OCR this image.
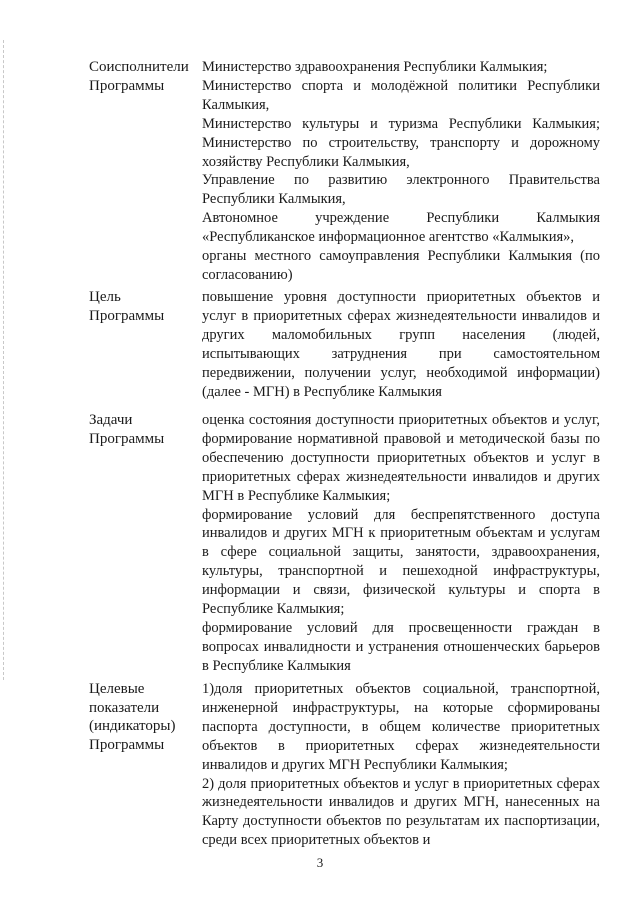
Соисполнители
Программы

Министерство здравоохранения Республики Калмыкия;

Министерство спорта и молодёжной политики Республики Калмыкия,

Министерство культуры и туризма Республики Калмыкия; Министерство по строительству, транспорту и дорожному хозяйству Республики Калмыкия,

Управление по развитию электронного Правительства Республики Калмыкия,

Автономное учреждение Республики Калмыкия «Республиканское информационное агентство «Калмыкия»,

органы местного самоуправления Республики Калмыкия (по согласованию)

Цель
Программы

повышение уровня доступности приоритетных объектов и услуг в приоритетных сферах жизнедеятельности инвалидов и других маломобильных групп населения (людей, испытывающих затруднения при самостоятельном передвижении, получении услуг, необходимой информации) (далее - МГН) в Республике Калмыкия

Задачи
Программы

оценка состояния доступности приоритетных объектов и услуг, формирование нормативной правовой и методической базы по обеспечению доступности приоритетных объектов и услуг в приоритетных сферах жизнедеятельности инвалидов и других МГН в Республике Калмыкия;

формирование условий для беспрепятственного доступа инвалидов и других МГН к приоритетным объектам и услугам в сфере социальной защиты, занятости, здравоохранения, культуры, транспортной и пешеходной инфраструктуры, информации и связи, физической культуры и спорта в Республике Калмыкия;

формирование условий для просвещенности граждан в вопросах инвалидности и устранения отношенческих барьеров в Республике Калмыкия

Целевые
показатели
(индикаторы)
Программы

1)доля приоритетных объектов социальной, транспортной, инженерной инфраструктуры, на которые сформированы паспорта доступности, в общем количестве приоритетных объектов в приоритетных сферах жизнедеятельности инвалидов и других МГН Республики Калмыкия;

2) доля приоритетных объектов и услуг в приоритетных сферах жизнедеятельности инвалидов и других МГН, нанесенных на Карту доступности объектов по результатам их паспортизации, среди всех приоритетных объектов и

3
